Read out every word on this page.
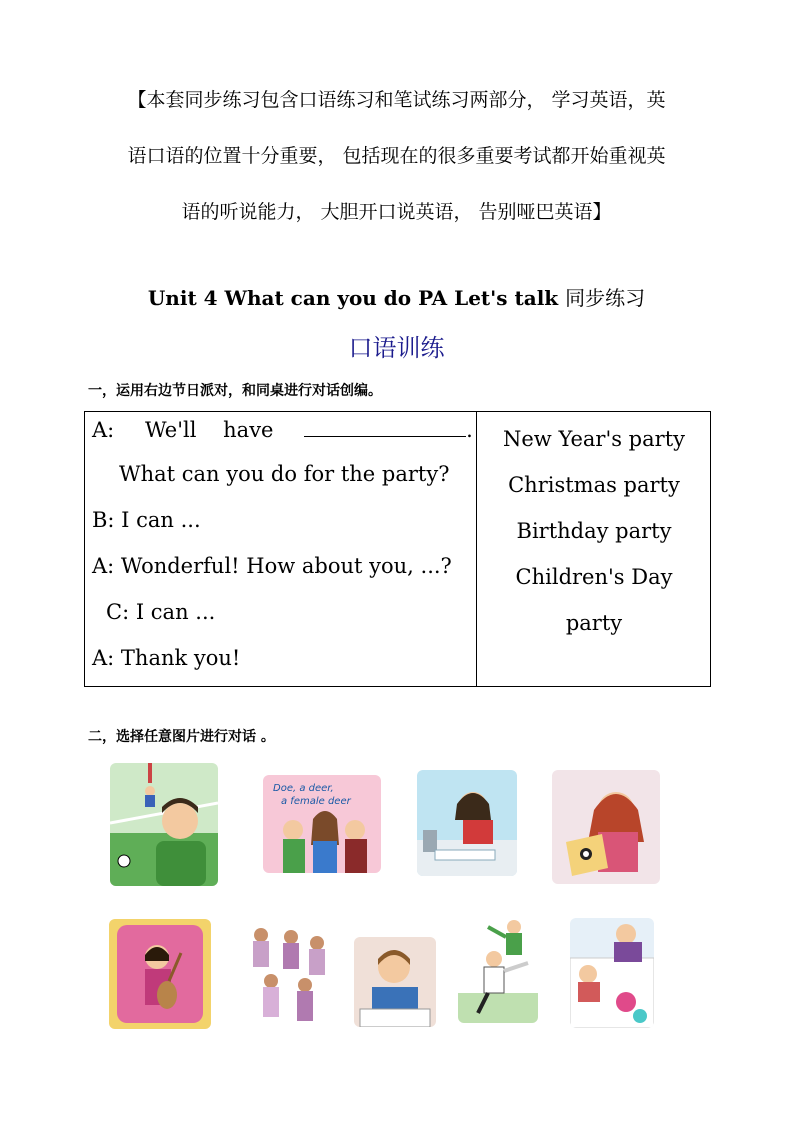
【本套同步练习包含口语练习和笔试练习两部分， 学习英语，英
语口语的位置十分重要， 包括现在的很多重要考试都开始重视英
语的听说能力， 大胆开口说英语， 告别哑巴英语】
Unit 4 What can you do PA Let's talk 同步练习
口语训练
一，运用右边节日派对，和同桌进行对话创编。
A: We'll    have	.
What can you do for the party?
B: I can ...
A: Wonderful! How about you, ...?
C: I can ...
A: Thank you!
New Year's party
Christmas party
Birthday party
Children's Day
party
二，选择任意图片进行对话 。
Doe, a deer,
a female deer
